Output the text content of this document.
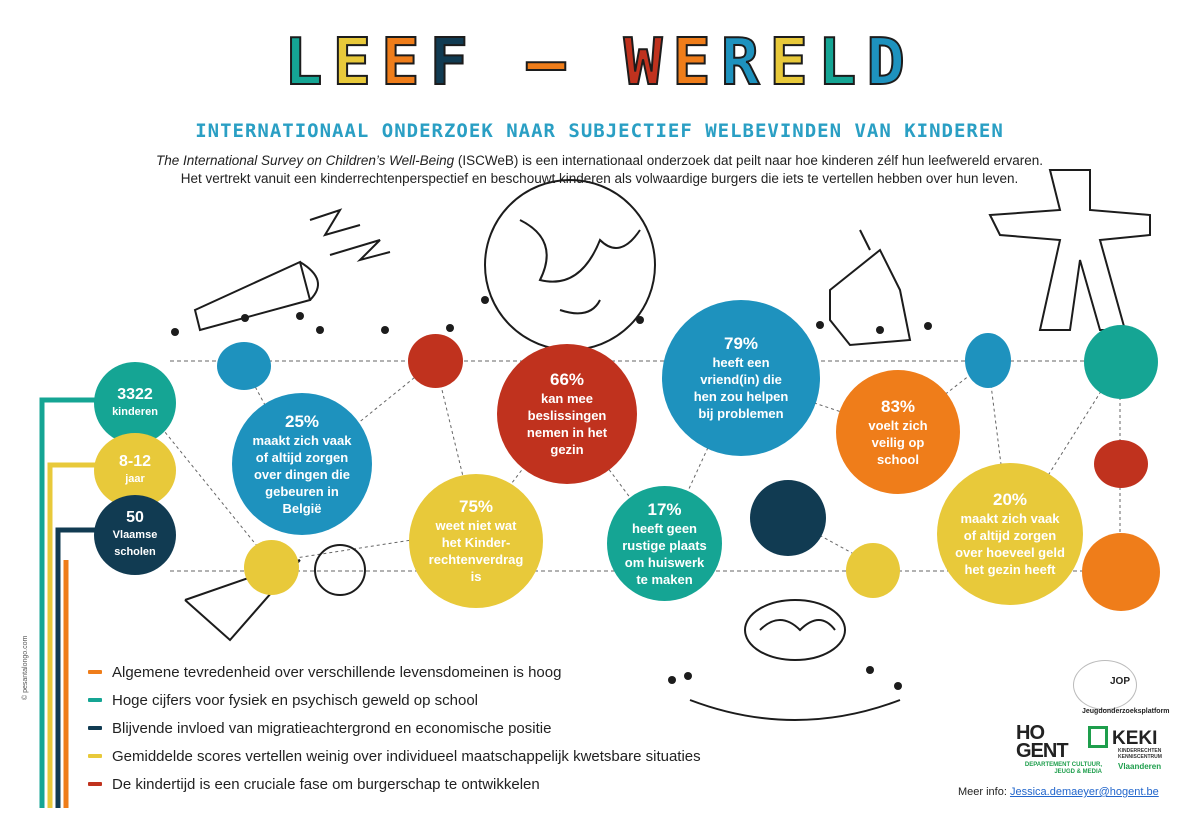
LEEF – WERELD
INTERNATIONAAL ONDERZOEK NAAR SUBJECTIEF WELBEVINDEN VAN KINDEREN
The International Survey on Children’s Well-Being (ISCWeB) is een internationaal onderzoek dat peilt naar hoe kinderen zélf hun leefwereld ervaren.
Het vertrekt vanuit een kinderrechtenperspectief en beschouwt kinderen als volwaardige burgers die iets te vertellen hebben over hun leven.
3322
kinderen
8-12
jaar
50
Vlaamse scholen
25%
maakt zich vaak of altijd zorgen over dingen die gebeuren in België	75%
weet niet wat het Kinder-rechtenverdrag is
66%
kan mee beslissingen nemen in het gezin
17%
heeft geen rustige plaats om huiswerk te maken
79%
heeft een vriend(in) die hen zou helpen bij problemen	83%
voelt zich veilig op school
20%
maakt zich vaak of altijd zorgen over hoeveel geld het gezin heeft
Algemene tevredenheid over verschillende levensdomeinen is hoog
Hoge cijfers voor fysiek en psychisch geweld op school
Blijvende invloed van migratieachtergrond en economische positie
Gemiddelde scores vertellen weinig over individueel maatschappelijk kwetsbare situaties
De kindertijd is een cruciale fase om burgerschap te ontwikkelen
JOP
Jeugdonderzoeksplatform
HO GENT
KEKI
KINDERRECHTEN KENNISCENTRUM
DEPARTEMENT CULTUUR, JEUGD & MEDIA
Vlaanderen
Meer info: Jessica.demaeyer@hogent.be
© pesantalongo.com
